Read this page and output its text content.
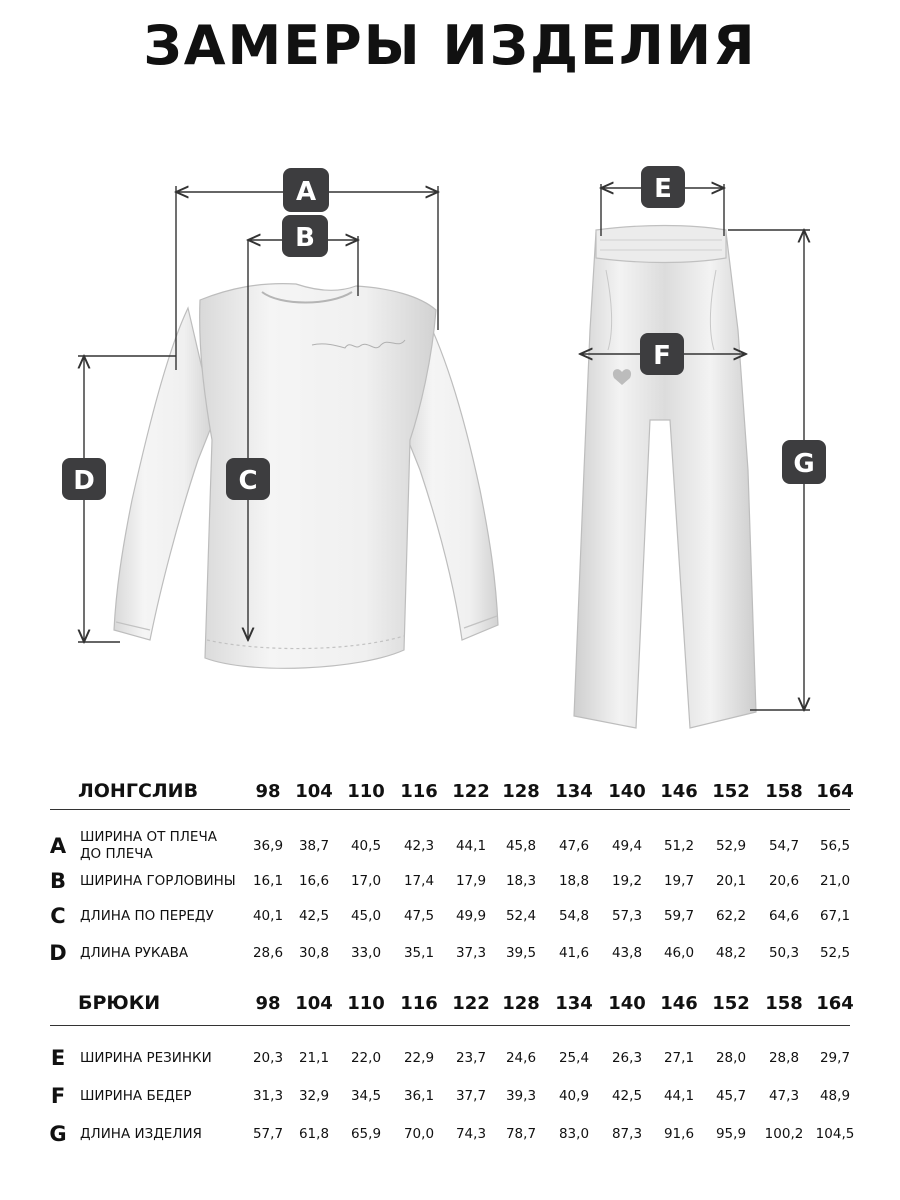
ЗАМЕРЫ ИЗДЕЛИЯ
A
B
C
D
E
F
G
ЛОНГСЛИВ	98 104 110 116 122 128 134 140 146 152 158 164
A ШИРИНА ОТ ПЛЕЧА ДО ПЛЕЧА	36,9	38,7	40,5	42,3	44,1	45,8	47,6	49,4	51,2	52,9	54,7	56,5
B ШИРИНА ГОРЛОВИНЫ	16,1	16,6	17,0	17,4	17,9	18,3	18,8	19,2	19,7	20,1	20,6	21,0
C	ДЛИНА ПО ПЕРЕДУ	40,1	42,5	45,0	47,5	49,9	52,4	54,8	57,3	59,7	62,2	64,6	67,1
D ДЛИНА РУКАВА	28,6	30,8	33,0	35,1	37,3	39,5	41,6	43,8	46,0	48,2	50,3	52,5
БРЮКИ	98 104 110 116 122 128 134 140 146 152 158 164
E	ШИРИНА РЕЗИНКИ	20,3	21,1	22,0	22,9	23,7	24,6	25,4	26,3	27,1	28,0	28,8	29,7
F	ШИРИНА БЕДЕР	31,3	32,9	34,5	36,1	37,7	39,3	40,9	42,5	44,1	45,7	47,3	48,9
G ДЛИНА ИЗДЕЛИЯ	57,7	61,8	65,9	70,0	74,3	78,7	83,0	87,3	91,6	95,9	100,2 104,5
